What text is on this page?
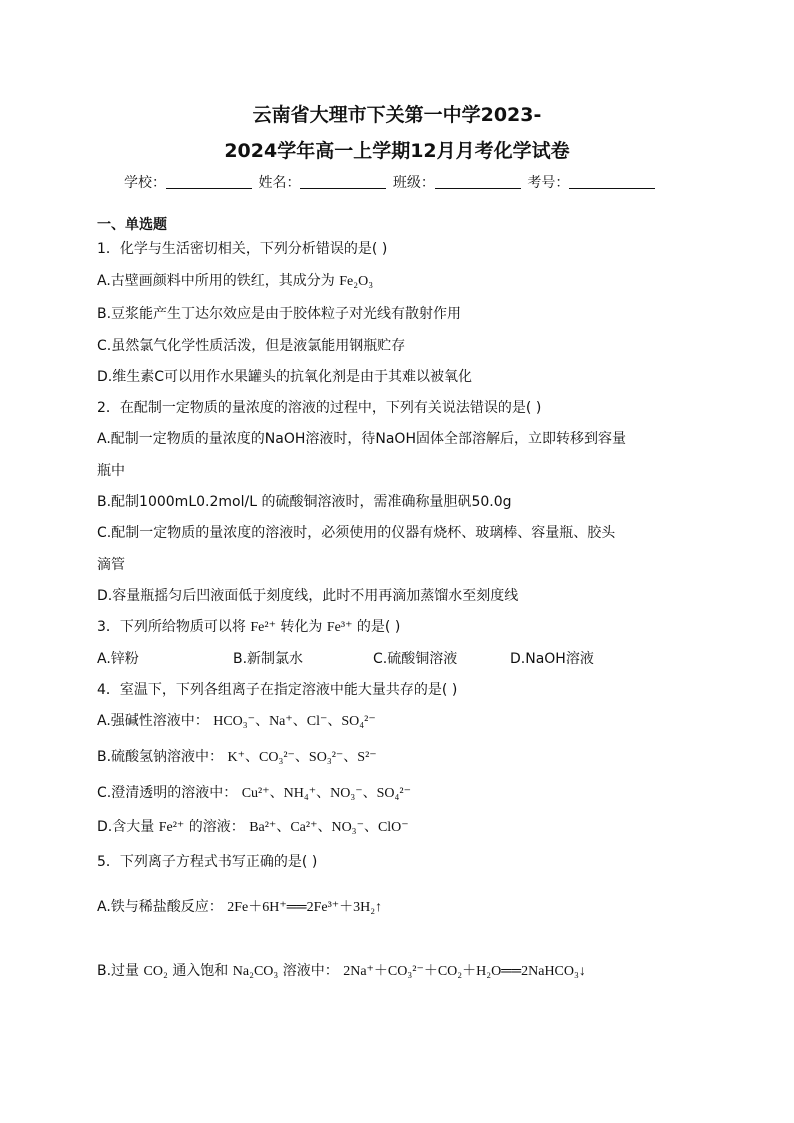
云南省大理市下关第一中学2023-
2024学年高一上学期12月月考化学试卷
学校：	姓名：	班级：	考号：
一、单选题
1．化学与生活密切相关，下列分析错误的是( )
A.古壁画颜料中所用的铁红，其成分为 Fe₂O₃
B.豆浆能产生丁达尔效应是由于胶体粒子对光线有散射作用
C.虽然氯气化学性质活泼，但是液氯能用钢瓶贮存
D.维生素C可以用作水果罐头的抗氧化剂是由于其难以被氧化
2．在配制一定物质的量浓度的溶液的过程中，下列有关说法错误的是( )
A.配制一定物质的量浓度的NaOH溶液时，待NaOH固体全部溶解后，立即转移到容量
瓶中
B.配制1000mL0.2mol/L 的硫酸铜溶液时，需准确称量胆矾50.0g
C.配制一定物质的量浓度的溶液时，必须使用的仪器有烧杯、玻璃棒、容量瓶、胶头
滴管
D.容量瓶摇匀后凹液面低于刻度线，此时不用再滴加蒸馏水至刻度线
3．下列所给物质可以将 Fe²⁺ 转化为 Fe³⁺ 的是( )
A.锌粉	B.新制氯水	C.硫酸铜溶液	D.NaOH溶液
4．室温下，下列各组离子在指定溶液中能大量共存的是( )
A.强碱性溶液中： HCO₃⁻、Na⁺、Cl⁻、SO₄²⁻
B.硫酸氢钠溶液中： K⁺、CO₃²⁻、SO₃²⁻、S²⁻
C.澄清透明的溶液中： Cu²⁺、NH₄⁺、NO₃⁻、SO₄²⁻
D.含大量 Fe²⁺ 的溶液： Ba²⁺、Ca²⁺、NO₃⁻、ClO⁻
5．下列离子方程式书写正确的是( )
A.铁与稀盐酸反应： 2Fe＋6H⁺══2Fe³⁺＋3H₂↑
B.过量 CO₂ 通入饱和 Na₂CO₃ 溶液中： 2Na⁺＋CO₃²⁻＋CO₂＋H₂O══2NaHCO₃↓
